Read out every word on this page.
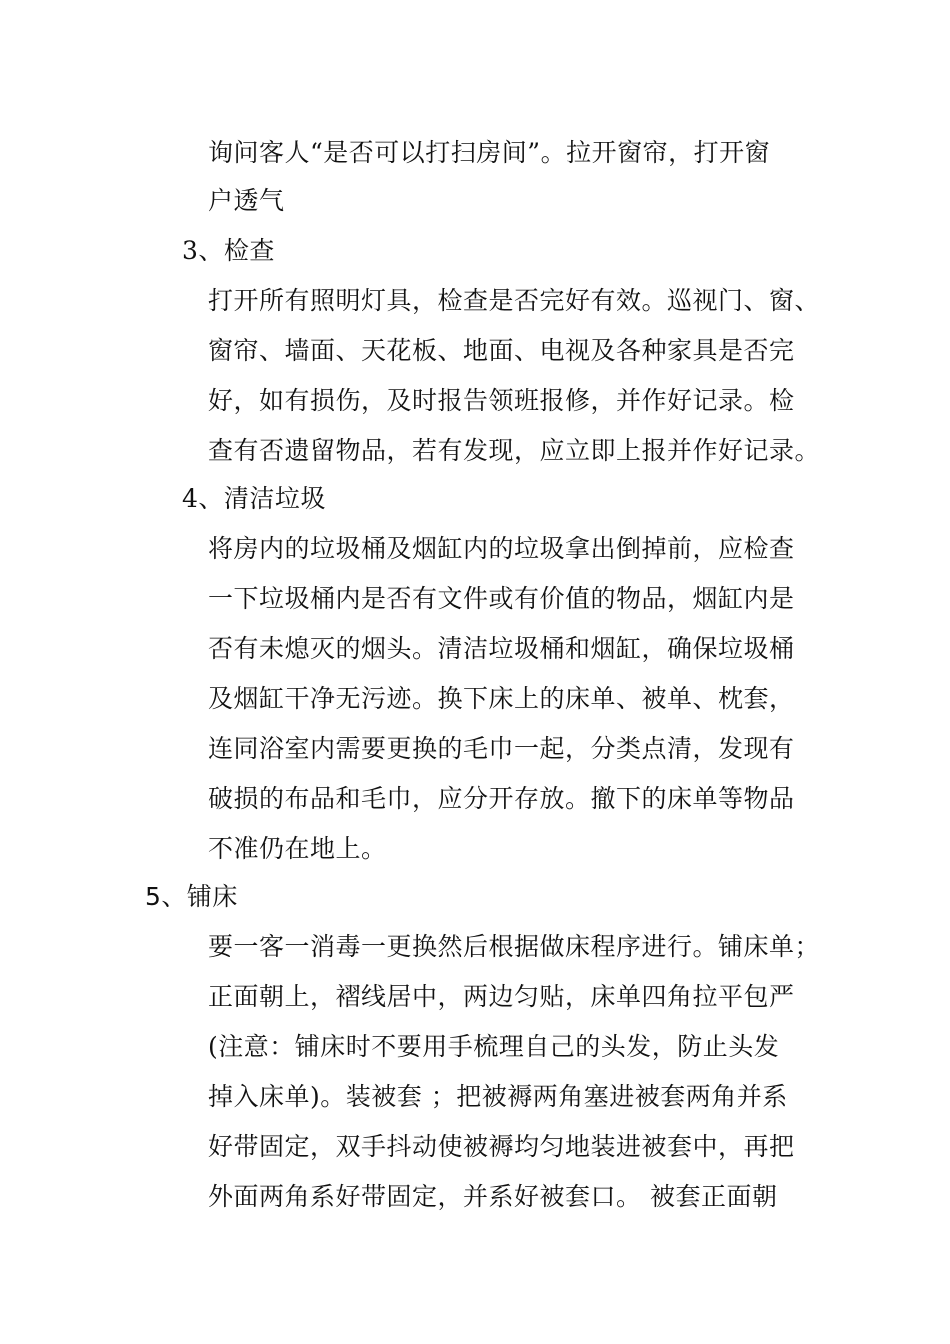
询问客人“是否可以打扫房间”。拉开窗帘，打开窗
户透气
3、检查
打开所有照明灯具，检查是否完好有效。巡视门、窗、
窗帘、墙面、天花板、地面、电视及各种家具是否完
好，如有损伤，及时报告领班报修，并作好记录。检
查有否遗留物品，若有发现，应立即上报并作好记录。
4、清洁垃圾
将房内的垃圾桶及烟缸内的垃圾拿出倒掉前，应检查
一下垃圾桶内是否有文件或有价值的物品，烟缸内是
否有未熄灭的烟头。清洁垃圾桶和烟缸，确保垃圾桶
及烟缸干净无污迹。换下床上的床单、被单、枕套，
连同浴室内需要更换的毛巾一起，分类点清，发现有
破损的布品和毛巾，应分开存放。撤下的床单等物品
不准仍在地上。
5、铺床
要一客一消毒一更换然后根据做床程序进行。铺床单；
正面朝上，褶线居中，两边匀贴，床单四角拉平包严
(注意：铺床时不要用手梳理自己的头发，防止头发
掉入床单)。装被套 ；把被褥两角塞进被套两角并系
好带固定，双手抖动使被褥均匀地装进被套中，再把
外面两角系好带固定，并系好被套口。 被套正面朝
